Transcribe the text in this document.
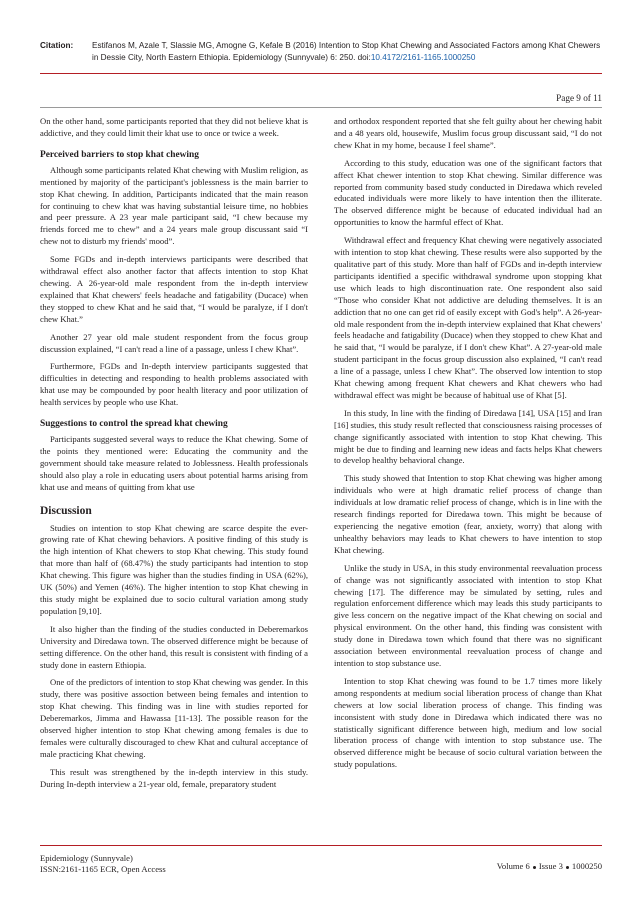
Citation:	Estifanos M, Azale T, Slassie MG, Amogne G, Kefale B (2016) Intention to Stop Khat Chewing and Associated Factors among Khat Chewers in Dessie City, North Eastern Ethiopia. Epidemiology (Sunnyvale) 6: 250. doi:10.4172/2161-1165.1000250
Page 9 of 11

On the other hand, some participants reported that they did not believe khat is addictive, and they could limit their khat use to once or twice a week.

Perceived barriers to stop khat chewing

Although some participants related Khat chewing with Muslim religion, as mentioned by majority of the participant's joblessness is the main barrier to stop Khat chewing. In addition, Participants indicated that the main reason for continuing to chew khat was having substantial leisure time, no hobbies and peer pressure. A 23 year male participant said, “I chew because my friends forced me to chew” and a 24 years male group discussant said “I chew not to disturb my friends' mood”.

Some FGDs and in-depth interviews participants were described that withdrawal effect also another factor that affects intention to stop Khat chewing. A 26-year-old male respondent from the in-depth interview explained that Khat chewers' feels headache and fatigability (Ducace) when they stopped to chew Khat and he said that, “I would be paralyze, if I don't chew Khat.”

Another 27 year old male student respondent from the focus group discussion explained, “I can't read a line of a passage, unless I chew Khat”.

Furthermore, FGDs and In-depth interview participants suggested that difficulties in detecting and responding to health problems associated with khat use may be compounded by poor health literacy and poor utilization of health services by people who use Khat.

Suggestions to control the spread khat chewing

Participants suggested several ways to reduce the Khat chewing. Some of the points they mentioned were: Educating the community and the government should take measure related to Joblessness. Health professionals should also play a role in educating users about potential harms arising from khat use and means of quitting from khat use

Discussion

Studies on intention to stop Khat chewing are scarce despite the ever-growing rate of Khat chewing behaviors. A positive finding of this study is the high intention of Khat chewers to stop Khat chewing. This study found that more than half of (68.47%) the study participants had intention to stop Khat chewing. This figure was higher than the studies finding in USA (62%), UK (50%) and Yemen (46%). The higher intention to stop Khat chewing in this study might be explained due to socio cultural variation among study population [9,10].

It also higher than the finding of the studies conducted in Deberemarkos University and Diredawa town. The observed difference might be because of setting difference. On the other hand, this result is consistent with finding of a study done in eastern Ethiopia.

One of the predictors of intention to stop Khat chewing was gender. In this study, there was positive assoction between being females and intention to stop Khat chewing. This finding was in line with studies reported for Deberemarkos, Jimma and Hawassa [11-13]. The possible reason for the observed higher intention to stop Khat chewing among females is due to females were culturally discouraged to chew Khat and cultural acceptance of male practicing Khat chewing.

This result was strengthened by the in-depth interview in this study. During In-depth interview a 21-year old, female, preparatory student

and orthodox respondent reported that she felt guilty about her chewing habit and a 48 years old, housewife, Muslim focus group discussant said, “I do not chew Khat in my home, because I feel shame”.

According to this study, education was one of the significant factors that affect Khat chewer intention to stop Khat chewing. Similar difference was reported from community based study conducted in Diredawa which reveled educated individuals were more likely to have intention then the illiterate. The observed difference might be because of educated individual had an opportunities to know the harmful effect of Khat.

Withdrawal effect and frequency Khat chewing were negatively associated with intention to stop khat chewing. These results were also supported by the qualitative part of this study. More than half of FGDs and in-depth interview participants identified a specific withdrawal syndrome upon stopping khat use which leads to high discontinuation rate. One respondent also said “Those who consider Khat not addictive are deluding themselves. It is an addiction that no one can get rid of easily except with God's help”. A 26-year-old male respondent from the in-depth interview explained that Khat chewers' feels headache and fatigability (Ducace) when they stopped to chew Khat and he said that, “I would be paralyze, if I don't chew Khat”. A 27-year-old male student participant in the focus group discussion also explained, “I can't read a line of a passage, unless I chew Khat”. The observed low intention to stop Khat chewing among frequent Khat chewers and Khat chewers who had withdrawal effect was might be because of habitual use of Khat [5].

In this study, In line with the finding of Diredawa [14], USA [15] and Iran [16] studies, this study result reflected that consciousness raising processes of change significantly associated with intention to stop Khat chewing. This might be due to finding and learning new ideas and facts helps Khat chewers to develop healthy behavioral change.

This study showed that Intention to stop Khat chewing was higher among individuals who were at high dramatic relief process of change than individuals at low dramatic relief process of change, which is in line with the research findings reported for Diredawa town. This might be because of experiencing the negative emotion (fear, anxiety, worry) that along with unhealthy behaviors may leads to Khat chewers to have intention to stop Khat chewing.

Unlike the study in USA, in this study environmental reevaluation process of change was not significantly associated with intention to stop Khat chewing [17]. The difference may be simulated by setting, rules and regulation enforcement difference which may leads this study participants to give less concern on the negative impact of the Khat chewing on social and physical environment. On the other hand, this finding was consistent with study done in Diredawa town which found that there was no significant association between environmental reevaluation process of change and intention to stop substance use.

Intention to stop Khat chewing was found to be 1.7 times more likely among respondents at medium social liberation process of change than Khat chewers at low social liberation process of change. This finding was inconsistent with study done in Diredawa which indicated there was no statistically significant difference between high, medium and low social liberation process of change with intention to stop substance use. The observed difference might be because of socio cultural variation between the study populations.

Epidemiology (Sunnyvale)
ISSN:2161-1165 ECR, Open Access	Volume 6 Issue 3 1000250
